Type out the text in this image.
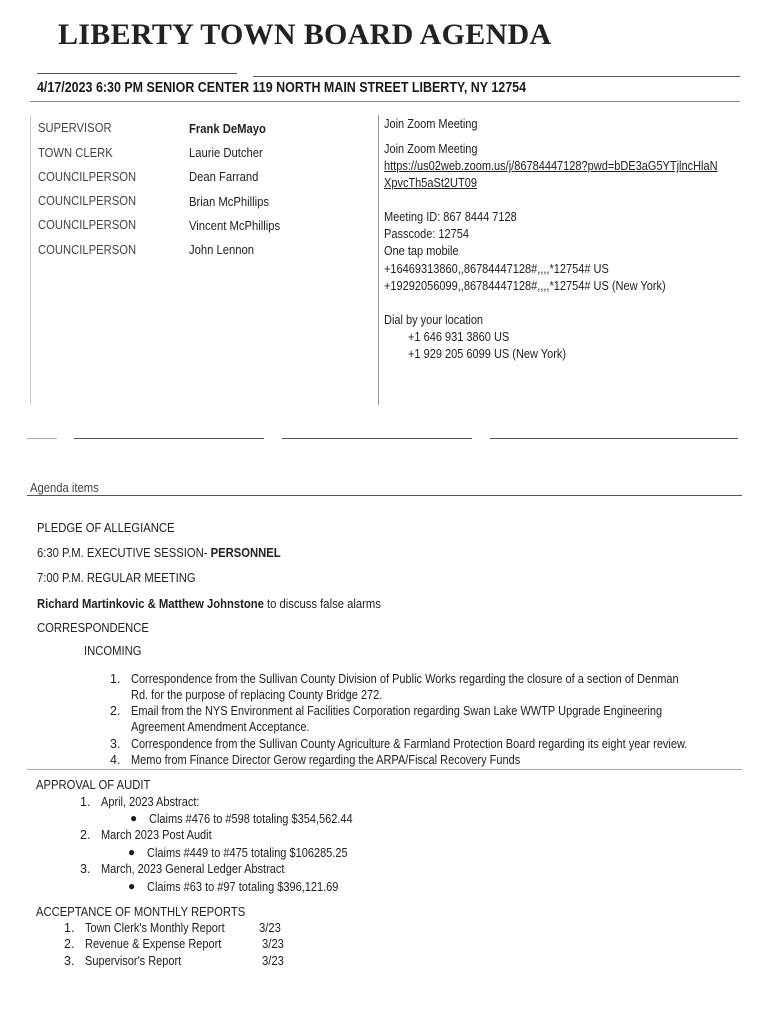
LIBERTY TOWN BOARD AGENDA
4/17/2023 6:30 PM SENIOR CENTER 119 NORTH MAIN STREET LIBERTY, NY 12754
SUPERVISOR	Frank DeMayo
TOWN CLERK	Laurie Dutcher
COUNCILPERSON	Dean Farrand
COUNCILPERSON	Brian McPhillips
COUNCILPERSON	Vincent McPhillips
COUNCILPERSON	John Lennon
Join Zoom Meeting
Join Zoom Meeting
https://us02web.zoom.us/j/86784447128?pwd=bDE3aG5YTjlncHlaN
XpvcTh5aSt2UT09
Meeting ID: 867 8444 7128
Passcode: 12754
One tap mobile
+16469313860,,86784447128#,,,,*12754# US
+19292056099,,86784447128#,,,,*12754# US (New York)
Dial by your location
+1 646 931 3860 US
+1 929 205 6099 US (New York)
Agenda items
PLEDGE OF ALLEGIANCE
6:30 P.M. EXECUTIVE SESSION- PERSONNEL
7:00 P.M. REGULAR MEETING
Richard Martinkovic & Matthew Johnstone to discuss false alarms
CORRESPONDENCE
INCOMING
1. Correspondence from the Sullivan County Division of Public Works regarding the closure of a section of Denman
Rd. for the purpose of replacing County Bridge 272.
2. Email from the NYS Environment al Facilities Corporation regarding Swan Lake WWTP Upgrade Engineering
Agreement Amendment Acceptance.
3. Correspondence from the Sullivan County Agriculture & Farmland Protection Board regarding its eight year review.
4. Memo from Finance Director Gerow regarding the ARPA/Fiscal Recovery Funds
APPROVAL OF AUDIT
1. April, 2023 Abstract:
● Claims #476 to #598 totaling $354,562.44
2. March 2023 Post Audit
● Claims #449 to #475 totaling $106285.25
3. March, 2023 General Ledger Abstract
● Claims #63 to #97 totaling $396,121.69
ACCEPTANCE OF MONTHLY REPORTS
1. Town Clerk's Monthly Report	3/23
2. Revenue & Expense Report	3/23
3. Supervisor's Report	3/23
